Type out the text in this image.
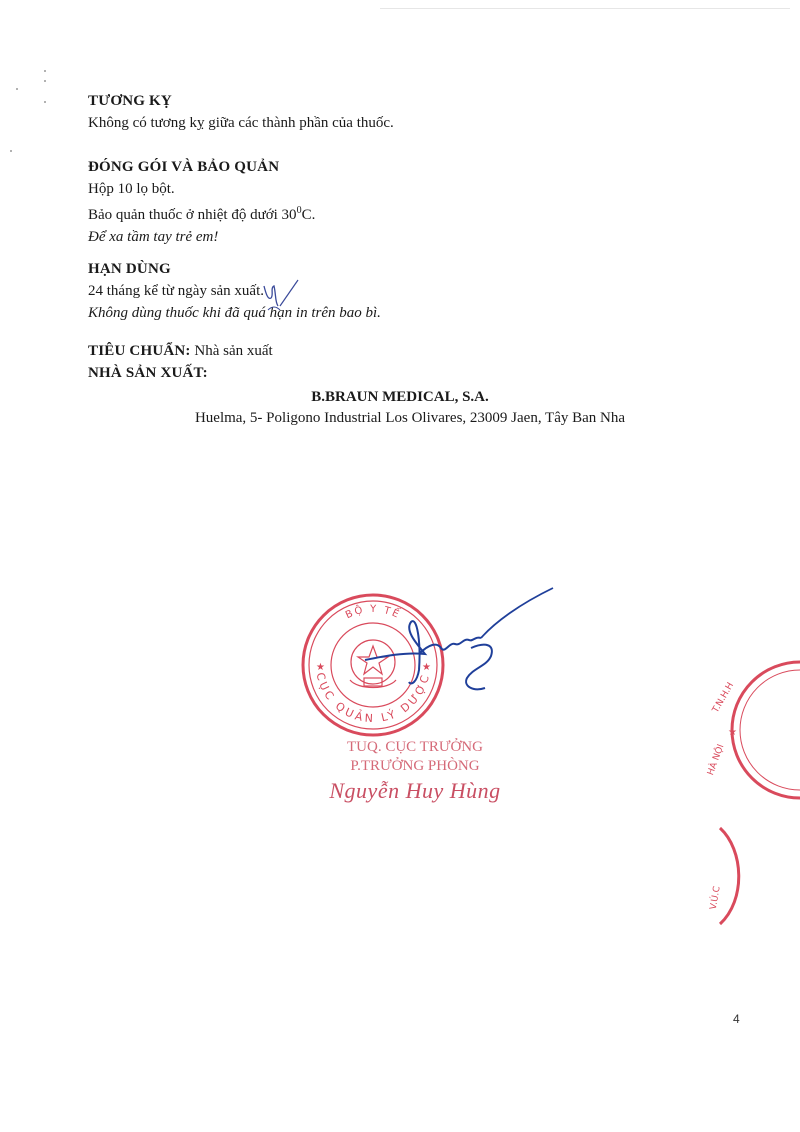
TƯƠNG KỴ
Không có tương kỵ giữa các thành phần của thuốc.
ĐÓNG GÓI VÀ BẢO QUẢN
Hộp 10 lọ bột.
Bảo quản thuốc ở nhiệt độ dưới $30^0C$.
Để xa tầm tay trẻ em!
HẠN DÙNG
24 tháng kể từ ngày sản xuất.
Không dùng thuốc khi đã quá hạn in trên bao bì.
TIÊU CHUẨN: Nhà sản xuất
NHÀ SẢN XUẤT:
B.BRAUN MEDICAL, S.A.
Huelma, 5- Poligono Industrial Los Olivares, 23009 Jaen, Tây Ban Nha
BỘ Y TẾ
CỤC QUẢN LÝ DƯỢC
★	★
TUQ. CỤC TRƯỞNG
P.TRƯỞNG PHÒNG
Nguyễn Huy Hùng
T.N.H.H
★
HÀ NỘI
V.Ú.C
4
